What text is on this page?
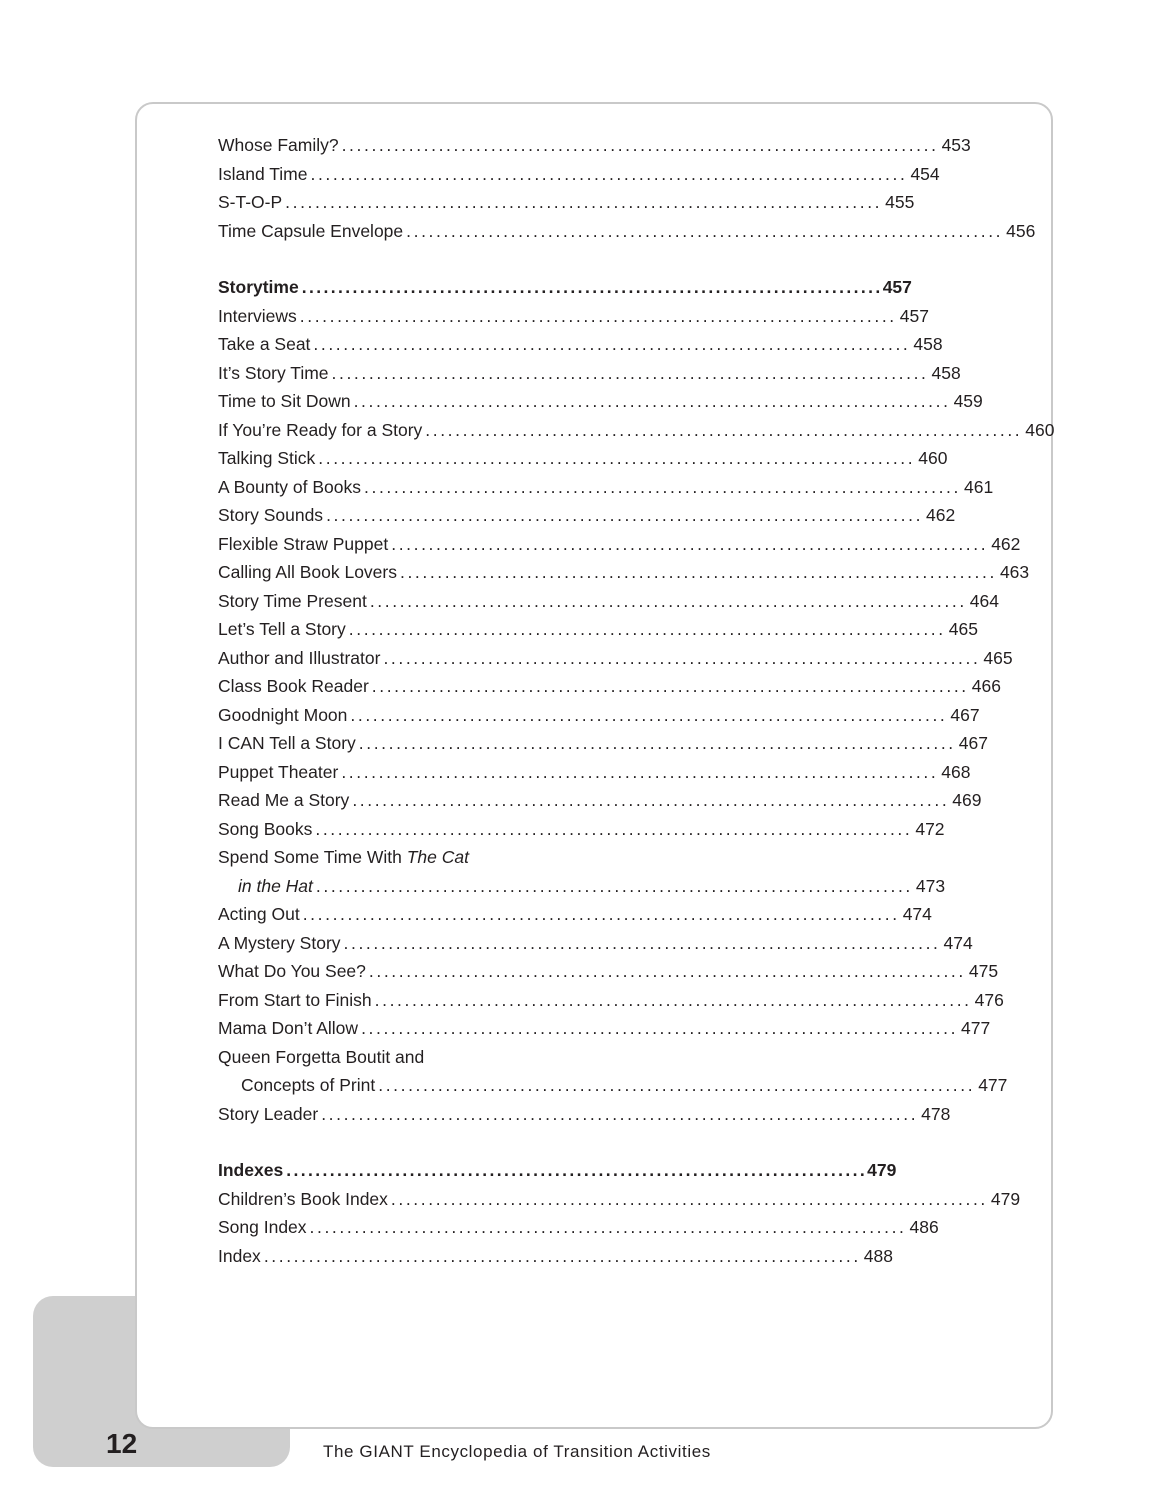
Whose Family? ................................................................................ 453
Island Time ................................................................................ 454
S-T-O-P ................................................................................ 455
Time Capsule Envelope ................................................................................ 456
Storytime ................................................................................ 457
Interviews ................................................................................ 457
Take a Seat ................................................................................ 458
It’s Story Time ................................................................................ 458
Time to Sit Down ................................................................................ 459
If You’re Ready for a Story ................................................................................ 460
Talking Stick ................................................................................ 460
A Bounty of Books ................................................................................ 461
Story Sounds ................................................................................ 462
Flexible Straw Puppet ................................................................................ 462
Calling All Book Lovers ................................................................................ 463
Story Time Present ................................................................................ 464
Let’s Tell a Story ................................................................................ 465
Author and Illustrator ................................................................................ 465
Class Book Reader ................................................................................ 466
Goodnight Moon ................................................................................ 467
I CAN Tell a Story ................................................................................ 467
Puppet Theater ................................................................................ 468
Read Me a Story ................................................................................ 469
Song Books ................................................................................ 472
Spend Some Time With The Cat
in the Hat ................................................................................ 473
Acting Out ................................................................................ 474
A Mystery Story ................................................................................ 474
What Do You See? ................................................................................ 475
From Start to Finish ................................................................................ 476
Mama Don’t Allow ................................................................................ 477
Queen Forgetta Boutit and
Concepts of Print ................................................................................ 477
Story Leader ................................................................................ 478
Indexes ................................................................................ 479
Children’s Book Index ................................................................................ 479
Song Index ................................................................................ 486
Index ................................................................................ 488
12	The GIANT Encyclopedia of Transition Activities
